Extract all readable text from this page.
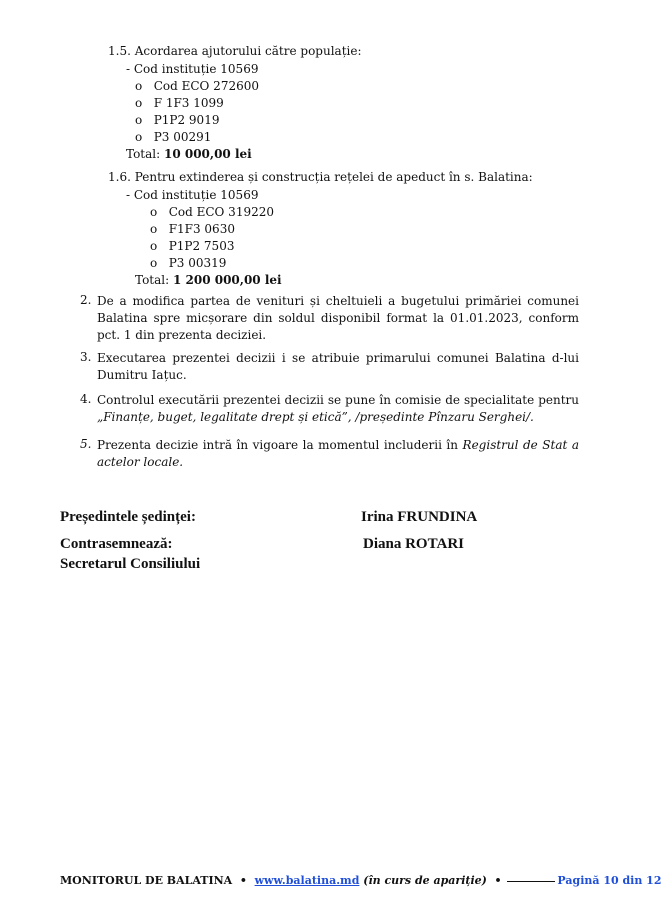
1.5. Acordarea ajutorului către populație:
- Cod instituție 10569
o Cod ECO 272600
o F 1F3 1099
o P1P2 9019
o P3 00291
Total: 10 000,00 lei
1.6. Pentru extinderea și construcția rețelei de apeduct în s. Balatina:
- Cod instituție 10569
o Cod ECO 319220
o F1F3 0630
o P1P2 7503
o P3 00319
Total: 1 200 000,00 lei
2. De a modifica partea de venituri și cheltuieli a bugetului primăriei comunei Balatina spre micșorare din soldul disponibil format la 01.01.2023, conform pct. 1 din prezenta deciziei.
3. Executarea prezentei decizii i se atribuie primarului comunei Balatina d-lui Dumitru Iațuc.
4. Controlul executării prezentei decizii se pune în comisie de specialitate pentru „Finanțe, buget, legalitate drept și etică”, /președinte Pînzaru Serghei/.
5. Prezenta decizie intră în vigoare la momentul includerii în Registrul de Stat a actelor locale.
Președintele ședinței:	Irina FRUNDINA
Contrasemnează:	Diana ROTARI
Secretarul Consiliului
MONITORUL DE BALATINA • www.balatina.md (în curs de apariție) •	Pagină 10 din 12
